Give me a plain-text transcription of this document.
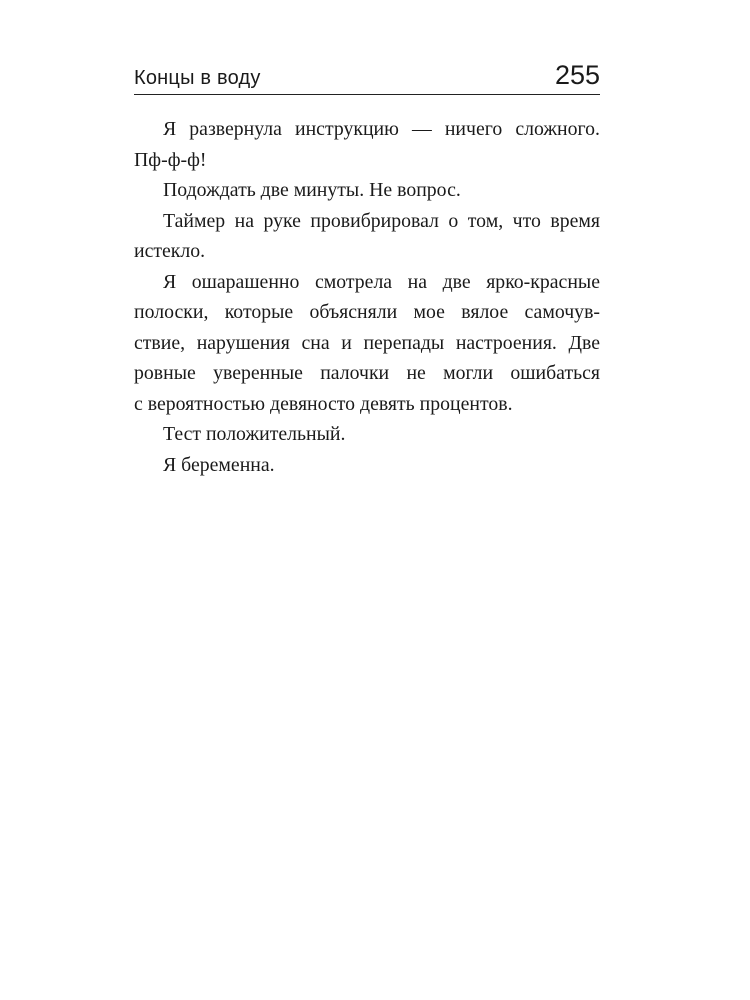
Концы в воду	255
Я развернула инструкцию — ничего сложного.
Пф-ф-ф!
Подождать две минуты. Не вопрос.
Таймер на руке провибрировал о том, что время
истекло.
Я ошарашенно смотрела на две ярко-красные
полоски, которые объясняли мое вялое самочув-
ствие, нарушения сна и перепады настроения. Две
ровные уверенные палочки не могли ошибаться
с вероятностью девяносто девять процентов.
Тест положительный.
Я беременна.
